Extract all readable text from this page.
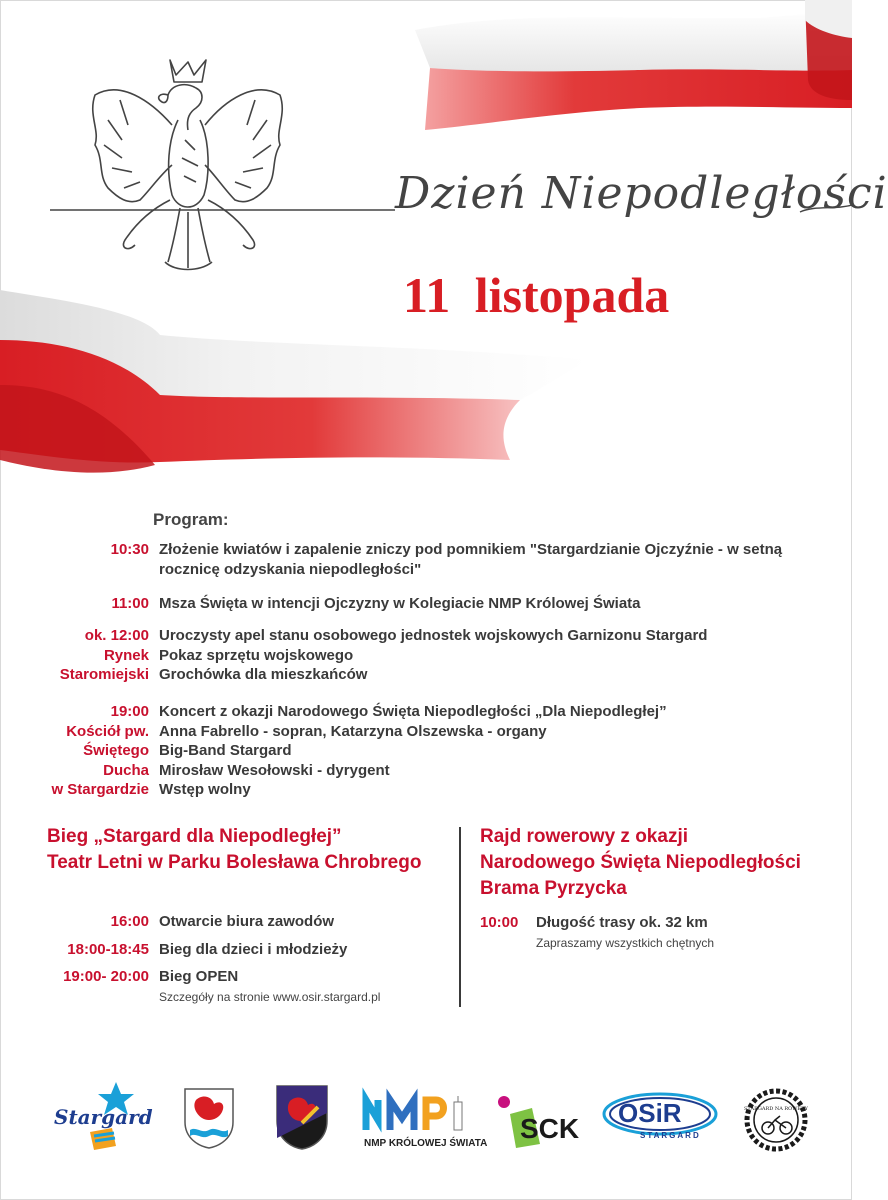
Dzień Niepodległości
11 listopada
Program:
10:30 Złożenie kwiatów i zapalenie zniczy pod pomnikiem "Stargardzianie Ojczyźnie - w setną
rocznicę odzyskania niepodległości"
11:00 Msza Święta w intencji Ojczyzny w Kolegiacie NMP Królowej Świata
ok. 12:00
Rynek
Staromiejski
Uroczysty apel stanu osobowego jednostek wojskowych Garnizonu Stargard
Pokaz sprzętu wojskowego
Grochówka dla mieszkańców
19:00
Kościół pw.
Świętego
Ducha
w Stargardzie
Koncert z okazji Narodowego Święta Niepodległości „Dla Niepodległej”
Anna Fabrello - sopran, Katarzyna Olszewska - organy
Big-Band Stargard
Mirosław Wesołowski - dyrygent
Wstęp wolny
Bieg „Stargard dla Niepodległej”
Teatr Letni w Parku Bolesława Chrobrego
16:00 Otwarcie biura zawodów
18:00-18:45 Bieg dla dzieci i młodzieży
19:00- 20:00 Bieg OPEN
Szczegóły na stronie www.osir.stargard.pl
Rajd rowerowy z okazji
Narodowego Święta Niepodległości
Brama Pyrzycka
10:00 Długość trasy ok. 32 km
Zapraszamy wszystkich chętnych
Stargard
NMP KRÓLOWEJ ŚWIATA SCK OSiR
STARGARD
STARGARD NA ROWERY
